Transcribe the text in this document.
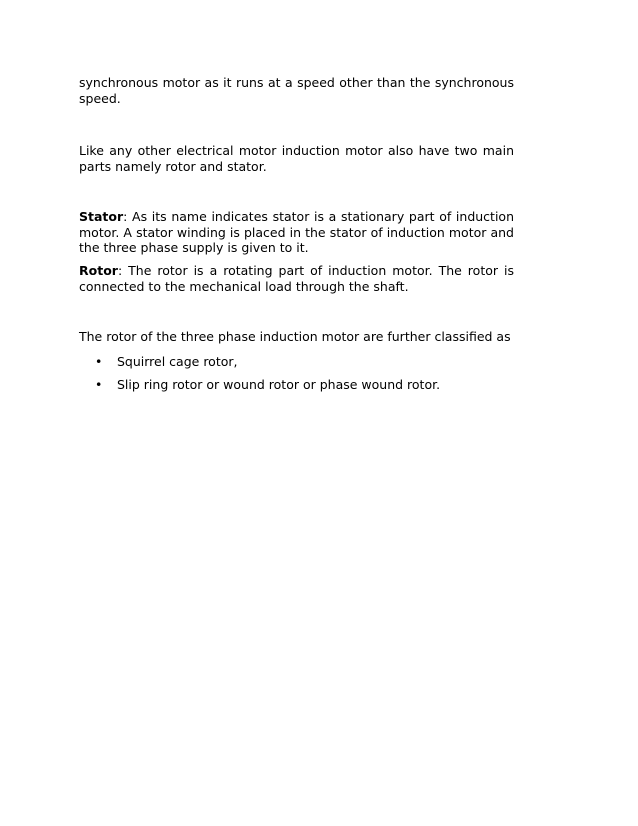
synchronous motor as it runs at a speed other than the synchronous speed.

Like any other electrical motor induction motor also have two main parts namely rotor and stator.

Stator: As its name indicates stator is a stationary part of induction motor. A stator winding is placed in the stator of induction motor and the three phase supply is given to it.

Rotor: The rotor is a rotating part of induction motor. The rotor is connected to the mechanical load through the shaft.

The rotor of the three phase induction motor are further classified as

• Squirrel cage rotor,
• Slip ring rotor or wound rotor or phase wound rotor.
